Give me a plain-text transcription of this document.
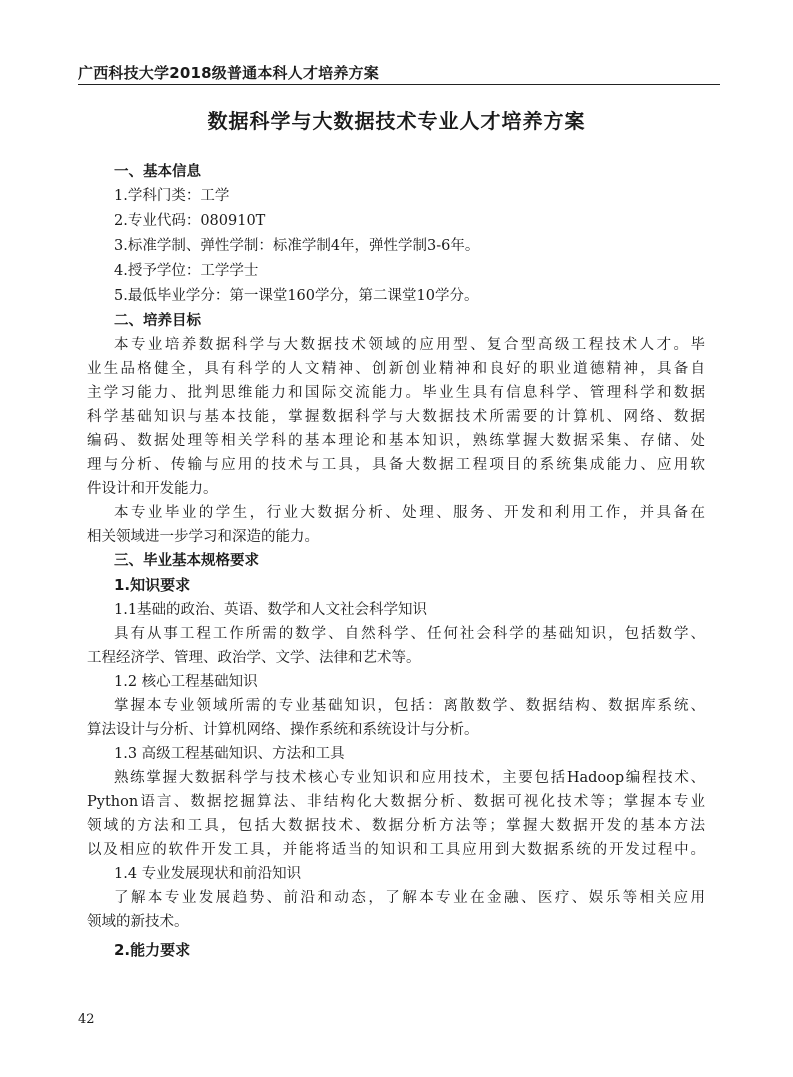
广西科技大学2018级普通本科人才培养方案
数据科学与大数据技术专业人才培养方案
一、基本信息
1.学科门类：工学
2.专业代码：080910T
3.标准学制、弹性学制：标准学制4年，弹性学制3-6年。
4.授予学位：工学学士
5.最低毕业学分：第一课堂160学分，第二课堂10学分。
二、培养目标
本专业培养数据科学与大数据技术领域的应用型、复合型高级工程技术人才。毕
业生品格健全，具有科学的人文精神、创新创业精神和良好的职业道德精神，具备自
主学习能力、批判思维能力和国际交流能力。毕业生具有信息科学、管理科学和数据
科学基础知识与基本技能，掌握数据科学与大数据技术所需要的计算机、网络、数据
编码、数据处理等相关学科的基本理论和基本知识，熟练掌握大数据采集、存储、处
理与分析、传输与应用的技术与工具，具备大数据工程项目的系统集成能力、应用软
件设计和开发能力。
本专业毕业的学生，行业大数据分析、处理、服务、开发和利用工作，并具备在
相关领域进一步学习和深造的能力。
三、毕业基本规格要求
1.知识要求
1.1基础的政治、英语、数学和人文社会科学知识
具有从事工程工作所需的数学、自然科学、任何社会科学的基础知识，包括数学、
工程经济学、管理、政治学、文学、法律和艺术等。
1.2 核心工程基础知识
掌握本专业领域所需的专业基础知识，包括：离散数学、数据结构、数据库系统、
算法设计与分析、计算机网络、操作系统和系统设计与分析。
1.3 高级工程基础知识、方法和工具
熟练掌握大数据科学与技术核心专业知识和应用技术，主要包括Hadoop编程技术、
Python语言、数据挖掘算法、非结构化大数据分析、数据可视化技术等；掌握本专业
领域的方法和工具，包括大数据技术、数据分析方法等；掌握大数据开发的基本方法
以及相应的软件开发工具，并能将适当的知识和工具应用到大数据系统的开发过程中。
1.4 专业发展现状和前沿知识
了解本专业发展趋势、前沿和动态，了解本专业在金融、医疗、娱乐等相关应用
领域的新技术。
2.能力要求
42
